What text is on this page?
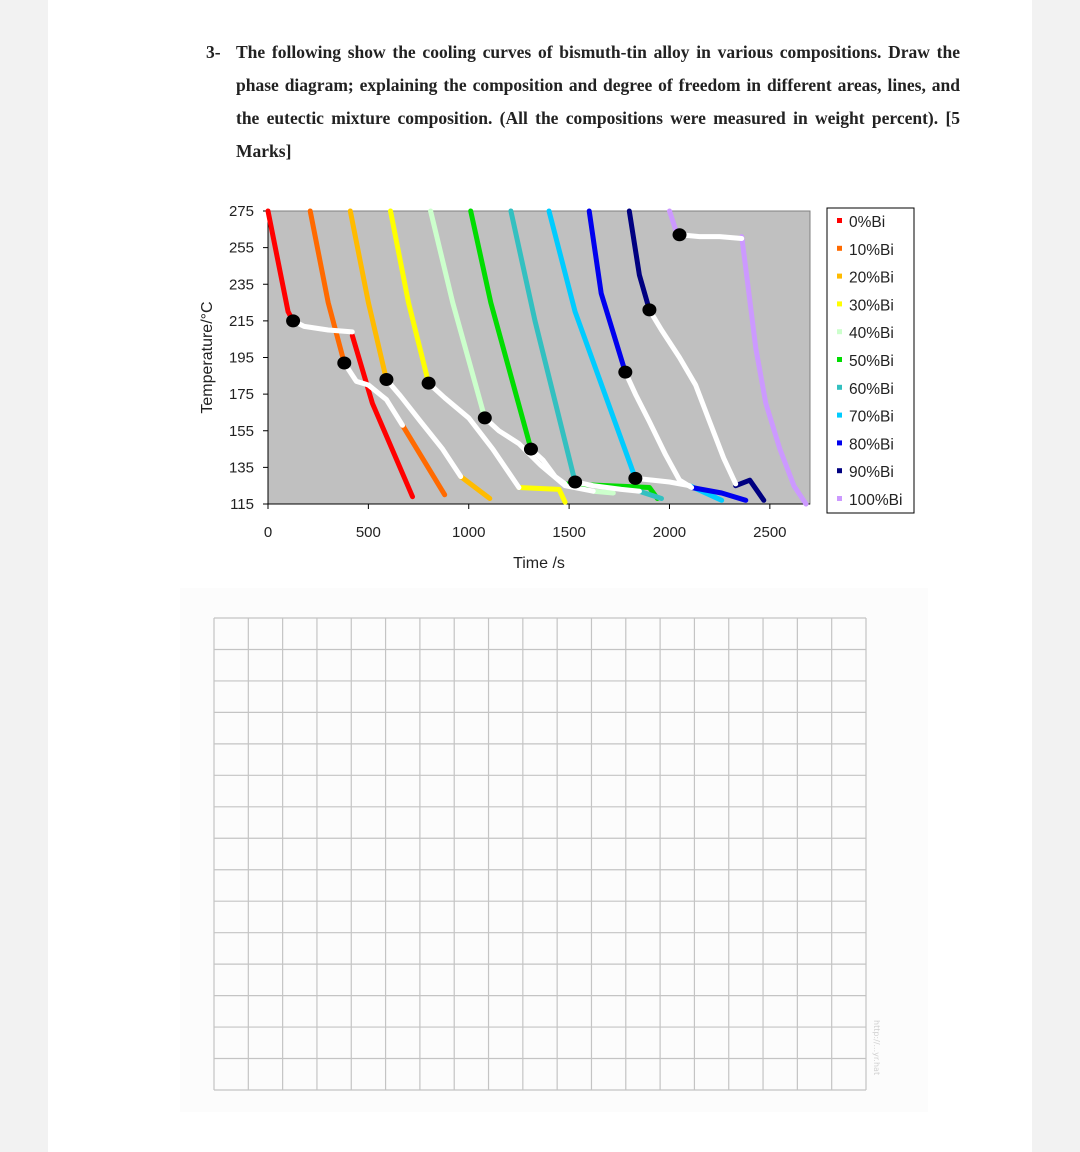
3- The following show the cooling curves of bismuth-tin alloy in various compositions. Draw the phase diagram; explaining the composition and degree of freedom in different areas, lines, and the eutectic mixture composition. (All the compositions were measured in weight percent). [5 Marks]
115
135
155
175
195
215
235
255
275
0	500	1000	1500	2000	2500
Time /s
Temperature/°C
0%Bi
10%Bi
20%Bi
30%Bi
40%Bi
50%Bi
60%Bi
70%Bi
80%Bi
90%Bi
100%Bi
http://...yr.hat
